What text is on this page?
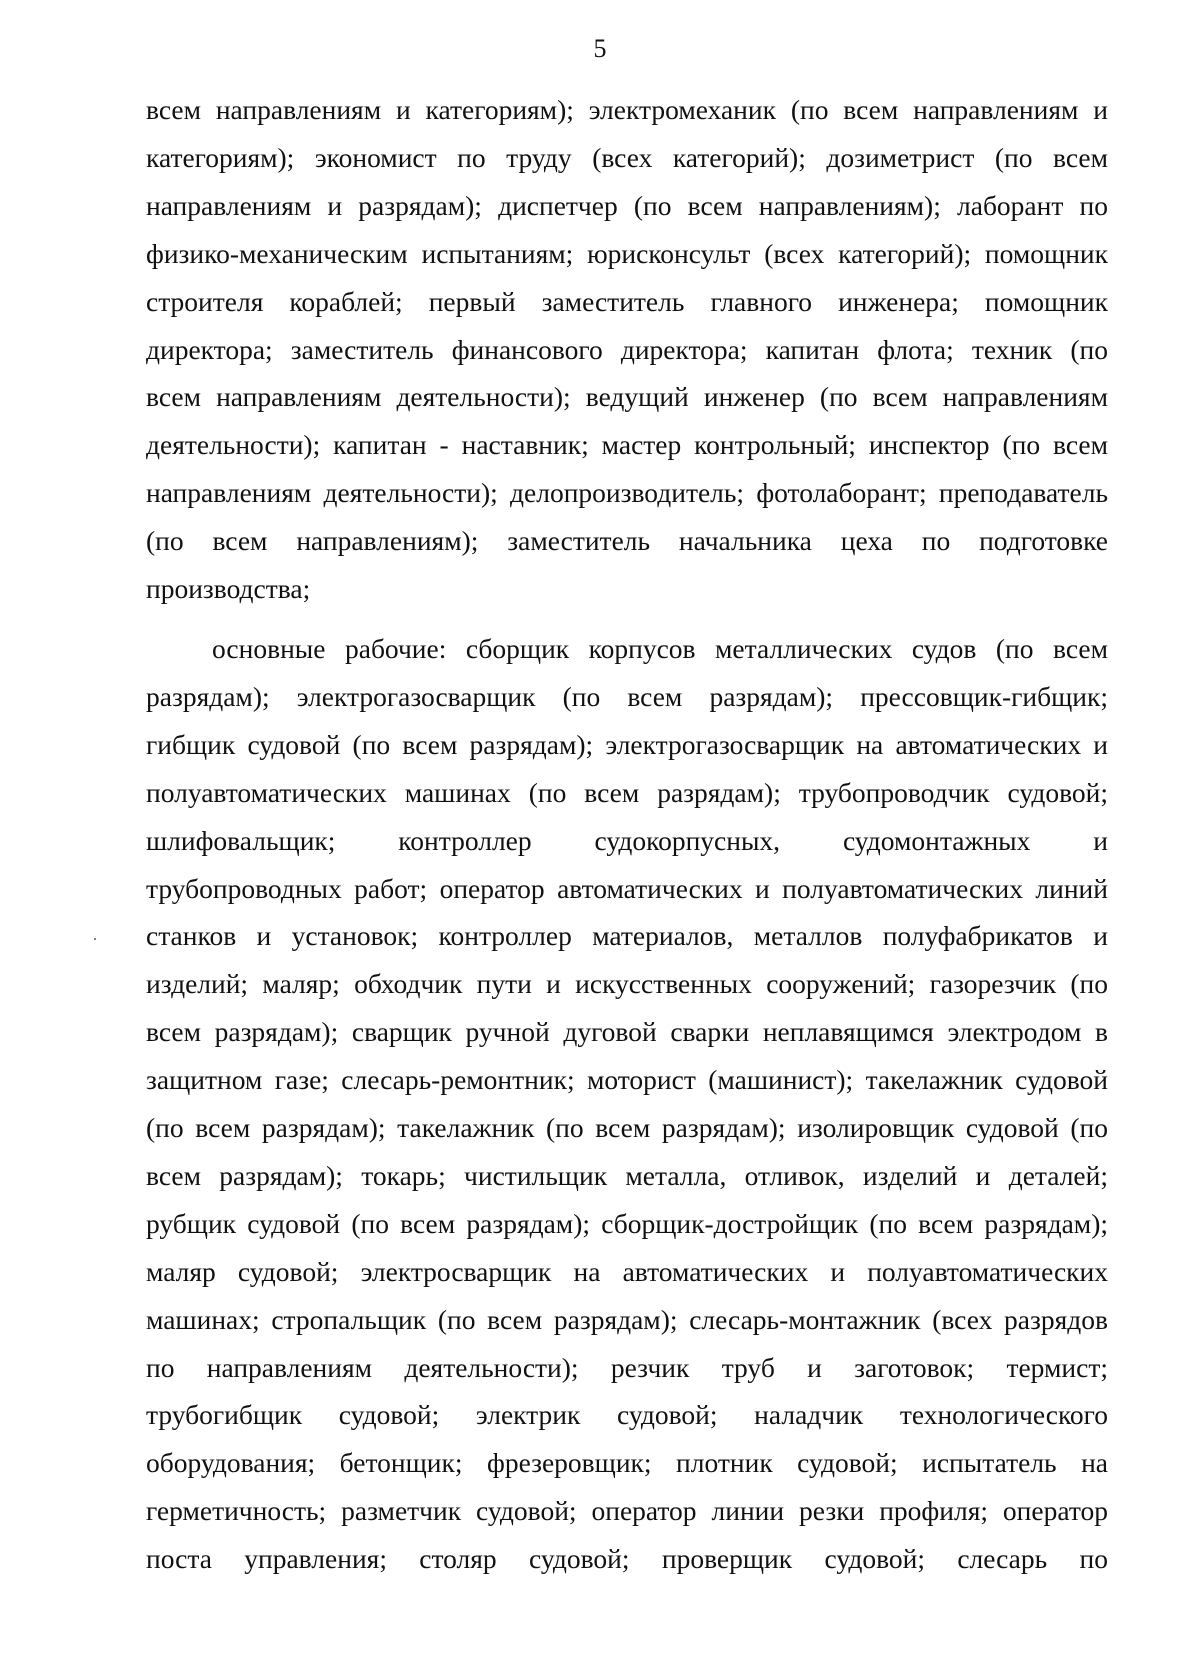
5
всем направлениям и категориям); электромеханик (по всем направлениям и
категориям); экономист по труду (всех категорий); дозиметрист (по всем
направлениям и разрядам); диспетчер (по всем направлениям); лаборант по
физико-механическим испытаниям; юрисконсульт (всех категорий); помощник
строителя кораблей; первый заместитель главного инженера; помощник
директора; заместитель финансового директора; капитан флота; техник (по
всем направлениям деятельности); ведущий инженер (по всем направлениям
деятельности); капитан - наставник; мастер контрольный; инспектор (по всем
направлениям деятельности); делопроизводитель; фотолаборант; преподаватель
(по всем направлениям); заместитель начальника цеха по подготовке
производства;
основные рабочие: сборщик корпусов металлических судов (по всем
разрядам); электрогазосварщик (по всем разрядам); прессовщик-гибщик;
гибщик судовой (по всем разрядам); электрогазосварщик на автоматических и
полуавтоматических машинах (по всем разрядам); трубопроводчик судовой;
шлифовальщик; контроллер судокорпусных, судомонтажных и
трубопроводных работ; оператор автоматических и полуавтоматических линий
станков и установок; контроллер материалов, металлов полуфабрикатов и
изделий; маляр; обходчик пути и искусственных сооружений; газорезчик (по
всем разрядам); сварщик ручной дуговой сварки неплавящимся электродом в
защитном газе; слесарь-ремонтник; моторист (машинист); такелажник судовой
(по всем разрядам); такелажник (по всем разрядам); изолировщик судовой (по
всем разрядам); токарь; чистильщик металла, отливок, изделий и деталей;
рубщик судовой (по всем разрядам); сборщик-достройщик (по всем разрядам);
маляр судовой; электросварщик на автоматических и полуавтоматических
машинах; стропальщик (по всем разрядам); слесарь-монтажник (всех разрядов
по направлениям деятельности); резчик труб и заготовок; термист;
трубогибщик судовой; электрик судовой; наладчик технологического
оборудования; бетонщик; фрезеровщик; плотник судовой; испытатель на
герметичность; разметчик судовой; оператор линии резки профиля; оператор
поста управления; столяр судовой; проверщик судовой; слесарь по
